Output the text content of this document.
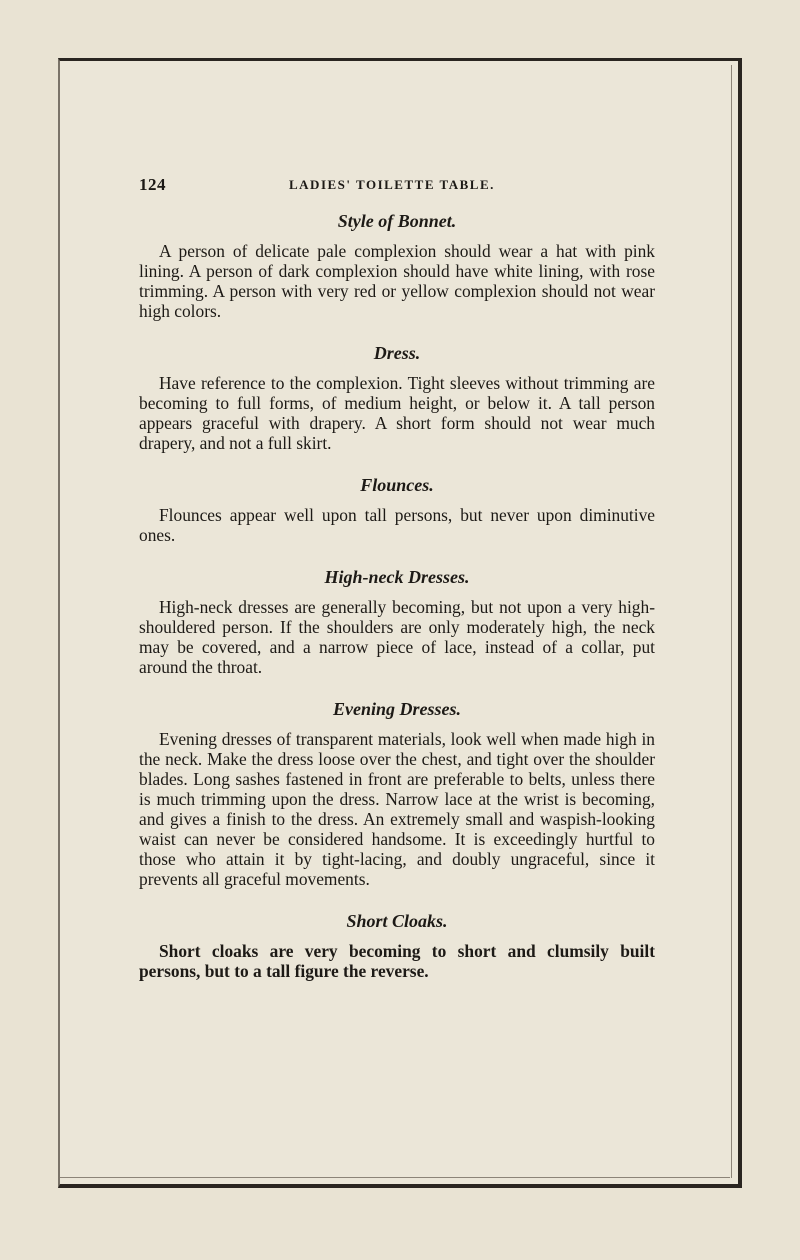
124	LADIES' TOILETTE TABLE.
Style of Bonnet.

A person of delicate pale complexion should wear a hat with pink lining. A person of dark complexion should have white lining, with rose trimming. A person with very red or yellow complexion should not wear high colors.

Dress.

Have reference to the complexion. Tight sleeves without trimming are becoming to full forms, of medium height, or below it. A tall person appears graceful with drapery. A short form should not wear much drapery, and not a full skirt.

Flounces.

Flounces appear well upon tall persons, but never upon diminutive ones.

High-neck Dresses.

High-neck dresses are generally becoming, but not upon a very high-shouldered person. If the shoulders are only moderately high, the neck may be covered, and a narrow piece of lace, instead of a collar, put around the throat.

Evening Dresses.

Evening dresses of transparent materials, look well when made high in the neck. Make the dress loose over the chest, and tight over the shoulder blades. Long sashes fastened in front are preferable to belts, unless there is much trimming upon the dress. Narrow lace at the wrist is becoming, and gives a finish to the dress. An extremely small and waspish-looking waist can never be considered handsome. It is exceedingly hurtful to those who attain it by tight-lacing, and doubly ungraceful, since it prevents all graceful movements.

Short Cloaks.

Short cloaks are very becoming to short and clumsily built persons, but to a tall figure the reverse.
